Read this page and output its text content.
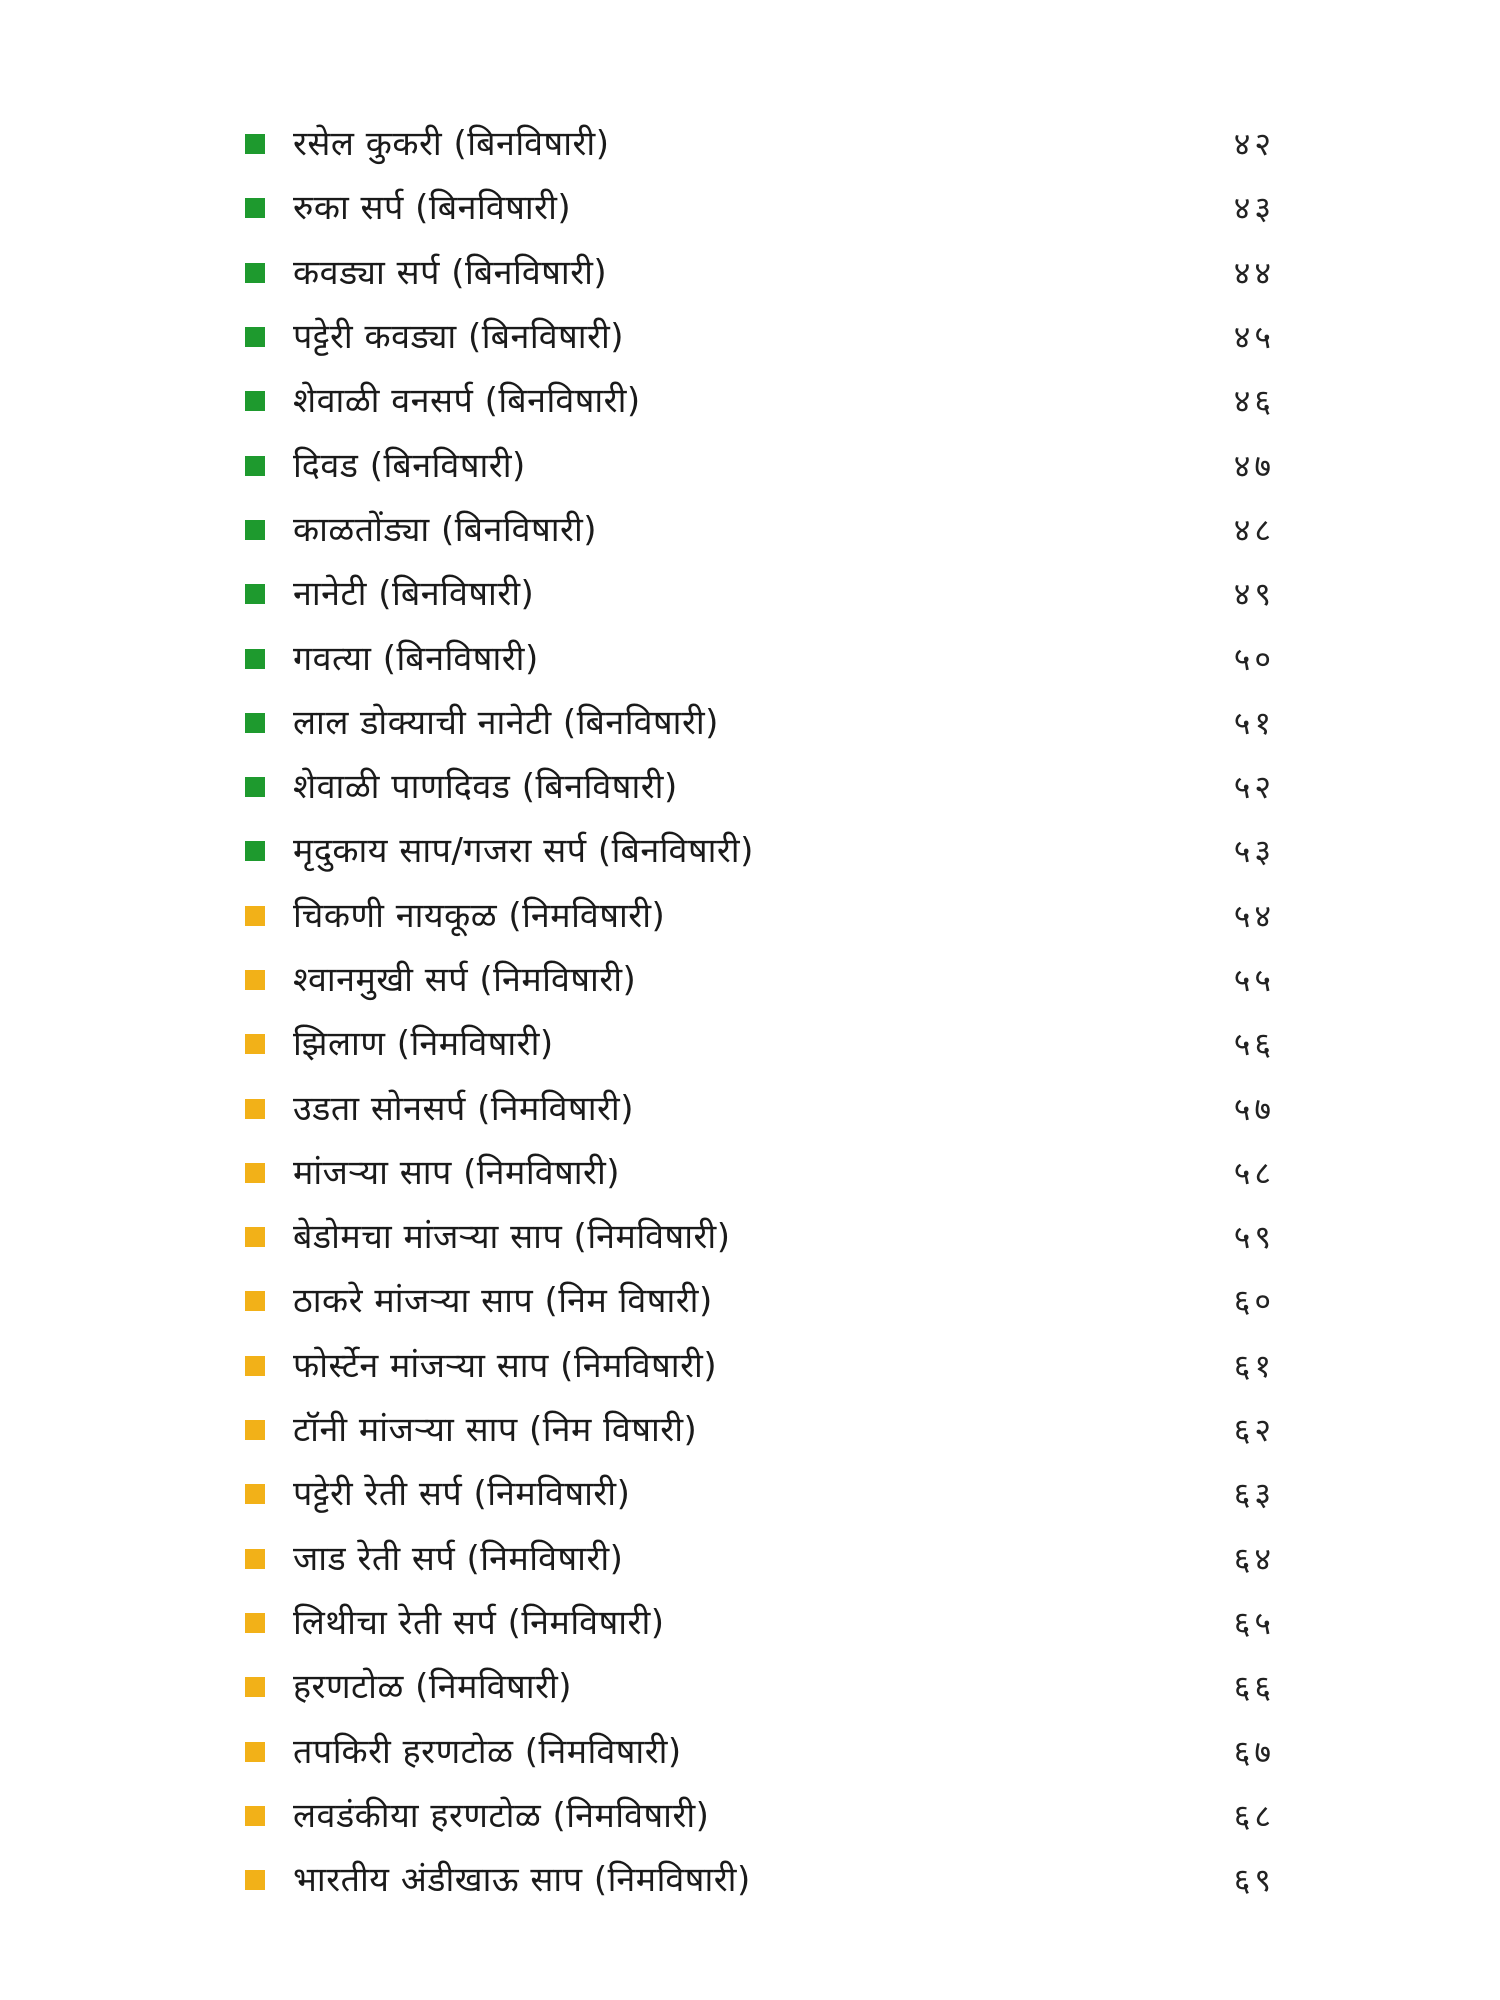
रसेल कुकरी (बिनविषारी)	४२
रुका सर्प (बिनविषारी)	४३
कवड्या सर्प (बिनविषारी)	४४
पट्टेरी कवड्या (बिनविषारी)	४५
शेवाळी वनसर्प (बिनविषारी)	४६
दिवड (बिनविषारी)	४७
काळतोंड्या (बिनविषारी)	४८
नानेटी (बिनविषारी)	४९
गवत्या (बिनविषारी)	५०
लाल डोक्याची नानेटी (बिनविषारी)	५१
शेवाळी पाणदिवड (बिनविषारी)	५२
मृदुकाय साप/गजरा सर्प (बिनविषारी)	५३
चिकणी नायकूळ (निमविषारी)	५४
श्वानमुखी सर्प (निमविषारी)	५५
झिलाण (निमविषारी)	५६
उडता सोनसर्प (निमविषारी)	५७
मांजऱ्या साप (निमविषारी)	५८
बेडोमचा मांजऱ्या साप (निमविषारी)	५९
ठाकरे मांजऱ्या साप (निम विषारी)	६०
फोर्स्टेन मांजऱ्या साप (निमविषारी)	६१
टॉनी मांजऱ्या साप (निम विषारी)	६२
पट्टेरी रेती सर्प (निमविषारी)	६३
जाड रेती सर्प (निमविषारी)	६४
लिथीचा रेती सर्प (निमविषारी)	६५
हरणटोळ (निमविषारी)	६६
तपकिरी हरणटोळ (निमविषारी)	६७
लवडंकीया हरणटोळ (निमविषारी)	६८
भारतीय अंडीखाऊ साप (निमविषारी)	६९
